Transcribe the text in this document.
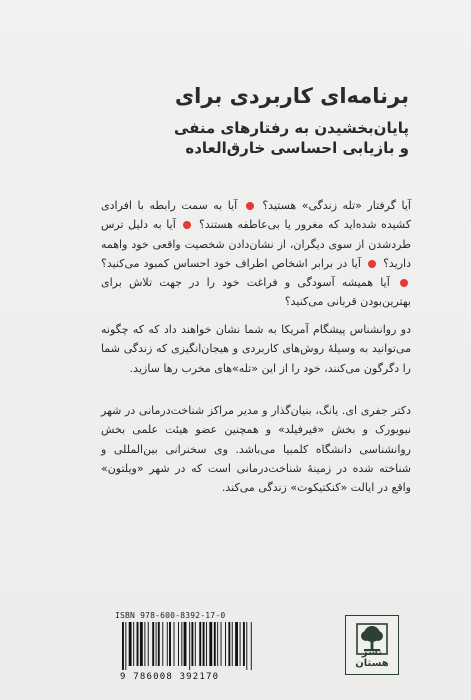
برنامه‌ای کاربردی برای
پایان‌بخشیدن به رفتارهای منفی
و بازیابی احساسی خارق‌العاده
آیا گرفتار «تله زندگی» هستید؟  آیا به سمت رابطه با افرادی کشیده شده‌اید که مغرور یا بی‌عاطفه هستند؟  آیا به دلیل ترس طردشدن از سوی دیگران، از نشان‌دادن شخصیت واقعی خود واهمه دارید؟  آیا در برابر اشخاص اطراف خود احساس کمبود می‌کنید؟  آیا همیشه آسودگی و فراغت خود را در جهت تلاش برای بهترین‌بودن قربانی می‌کنید؟
دو روانشناس پیشگام آمریکا به شما نشان خواهند داد که که چگونه می‌توانید به وسیلهٔ روش‌های کاربردی و هیجان‌انگیزی که زندگی شما را دگرگون می‌کنند، خود را از این «تله»های مخرب رها سازید.
دکتر جفری ای. یانگ، بنیان‌گذار و مدیر مراکز شناخت‌درمانی در شهر نیویورک و بخش «فیرفیلد» و همچنین عضو هیئت علمی بخش روانشناسی دانشگاه کلمبیا می‌باشد. وی سخنرانی بین‌المللی و شناخته شده در زمینهٔ شناخت‌درمانی است که در شهر «ویلتون» واقع در ایالت «کنکتیکوت» زندگی می‌کند.
ISBN 978-600-8392-17-0
9 786008 392170
نشر هستان
